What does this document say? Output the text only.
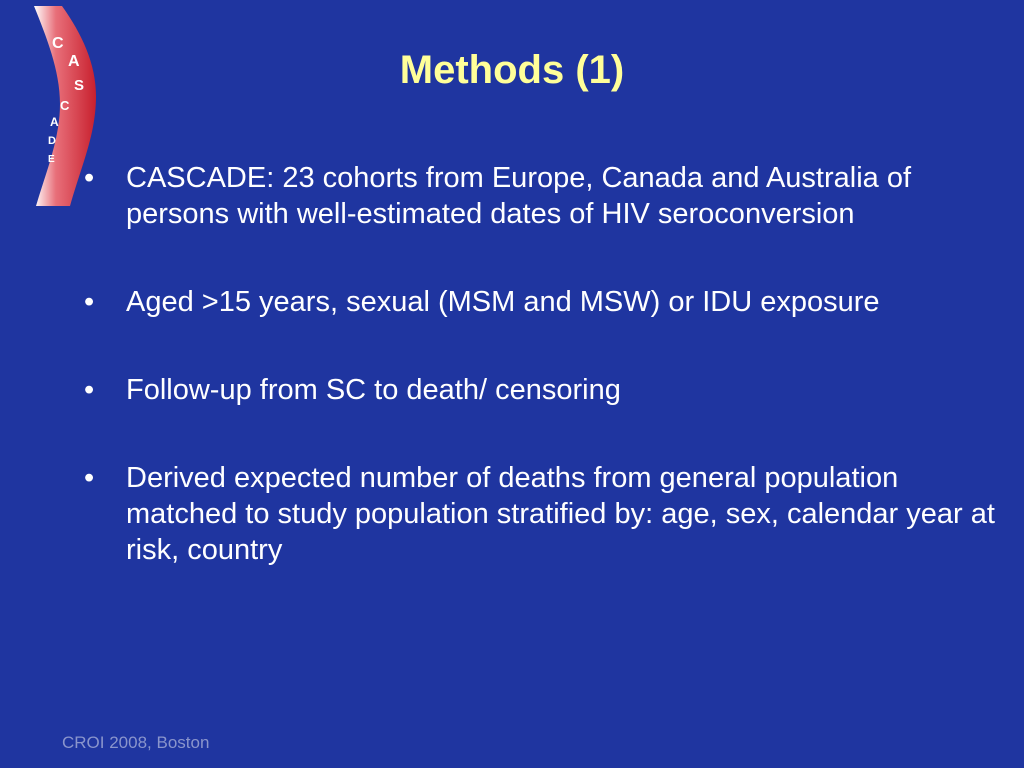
C
A
S
C
A
D
E
Methods (1)
•	CASCADE: 23 cohorts from Europe, Canada and Australia of persons with well-estimated dates of HIV seroconversion
•	Aged >15 years, sexual (MSM and MSW) or IDU exposure
•	Follow-up from SC to death/ censoring
•	Derived expected number of deaths from general population matched to study population stratified by: age, sex, calendar year at risk, country
CROI 2008, Boston
